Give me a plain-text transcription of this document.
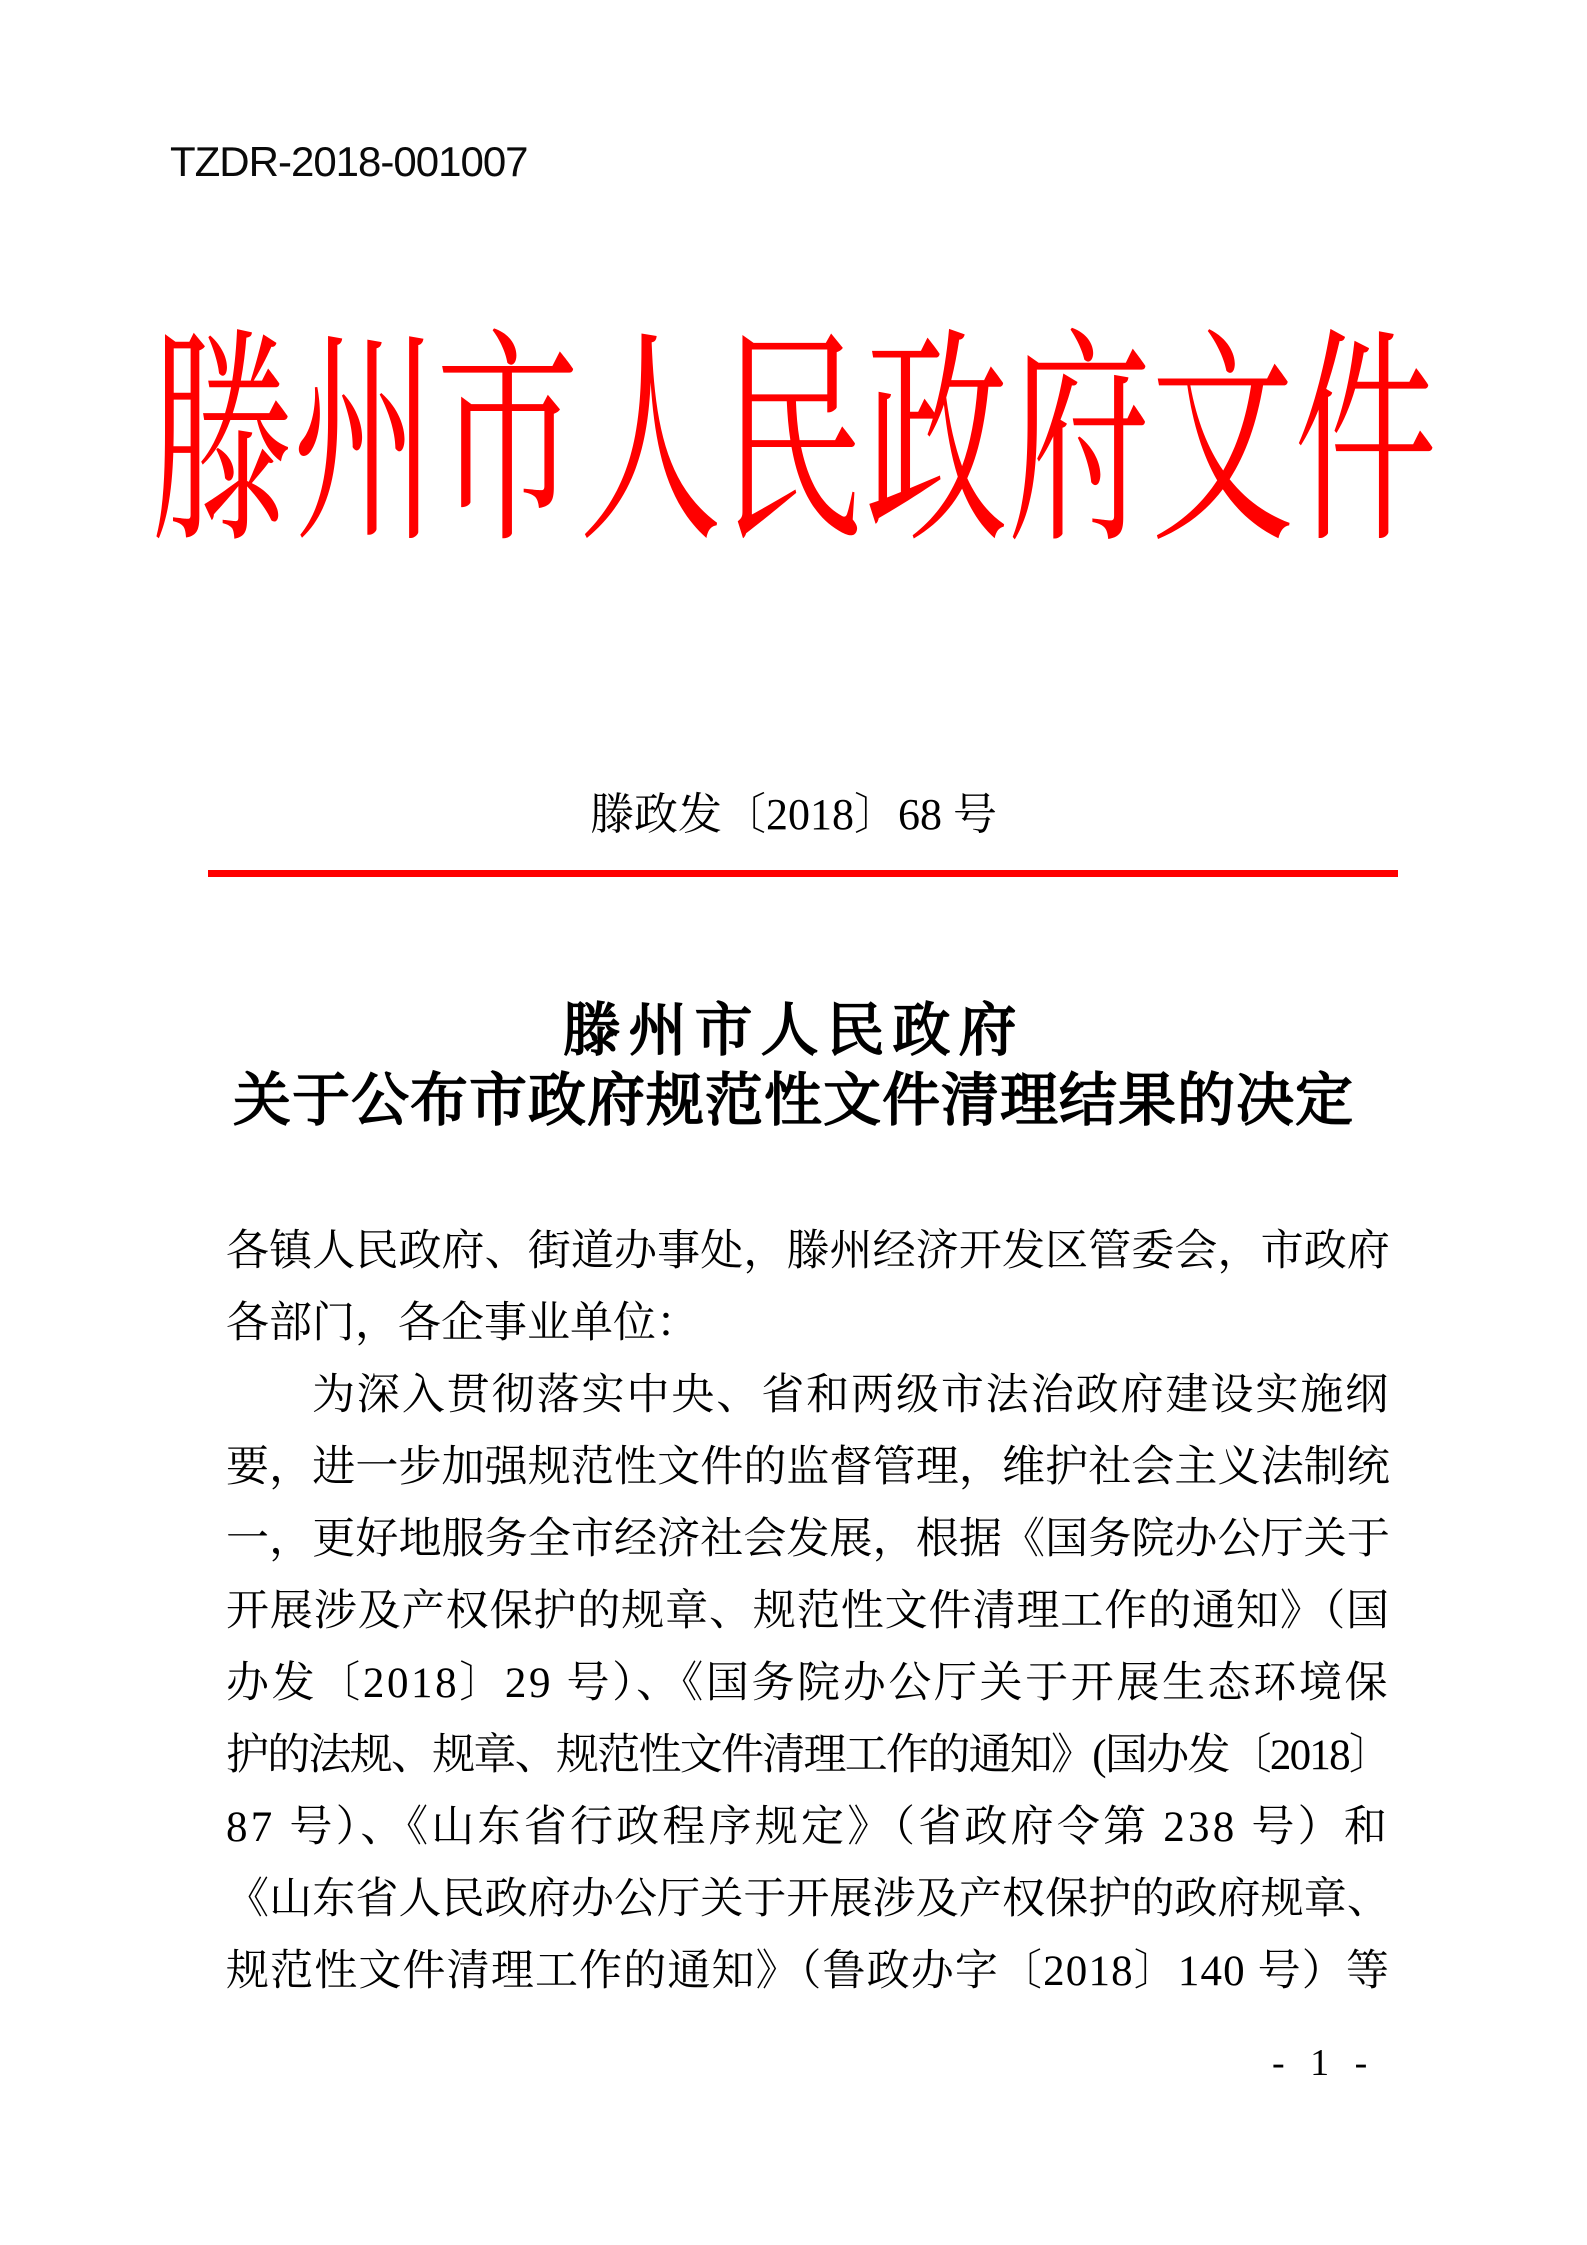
TZDR-2018-001007
滕州市人民政府文件
滕政发〔2018〕68 号
滕州市人民政府
关于公布市政府规范性文件清理结果的决定
各镇人民政府、街道办事处，滕州经济开发区管委会，市政府
各部门，各企事业单位：
为深入贯彻落实中央、省和两级市法治政府建设实施纲
要，进一步加强规范性文件的监督管理，维护社会主义法制统
一，更好地服务全市经济社会发展，根据《国务院办公厅关于
开展涉及产权保护的规章、规范性文件清理工作的通知》（国
办发〔2018〕29 号）、《国务院办公厅关于开展生态环境保
护的法规、规章、规范性文件清理工作的通知》(国办发〔2018〕
87 号）、《山东省行政程序规定》（省政府令第 238 号）和
《山东省人民政府办公厅关于开展涉及产权保护的政府规章、
规范性文件清理工作的通知》（鲁政办字〔2018〕140 号）等
- 1 -
